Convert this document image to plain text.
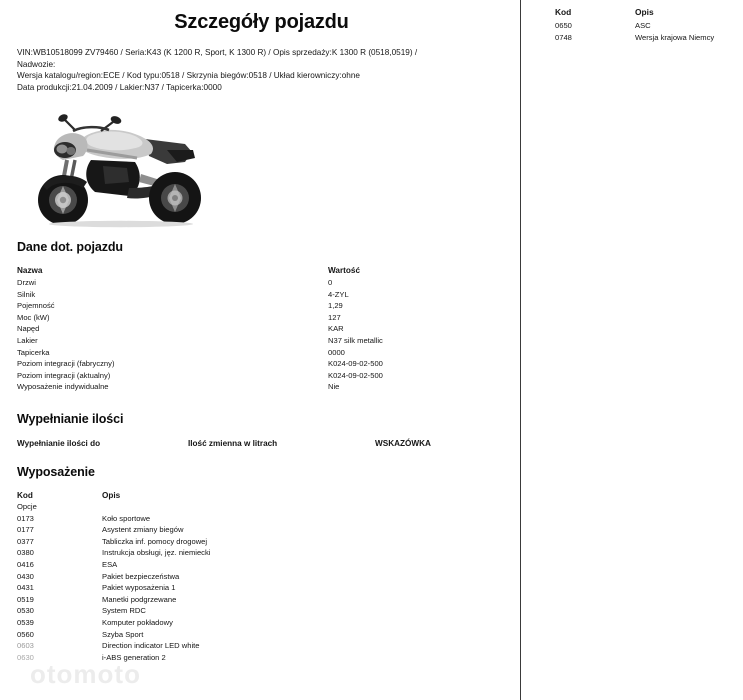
Szczegóły pojazdu
VIN:WB10518099 ZV79460 / Seria:K43 (K 1200 R, Sport, K 1300 R) / Opis sprzedaży:K 1300 R (0518,0519) /
Nadwozie:
Wersja katalogu/region:ECE / Kod typu:0518 / Skrzynia biegów:0518 / Układ kierowniczy:ohne
Data produkcji:21.04.2009 / Lakier:N37 / Tapicerka:0000
Dane dot. pojazdu
Nazwa	Wartość
Drzwi	0
Silnik	4-ZYL
Pojemność	1,29
Moc (kW)	127
Napęd	KAR
Lakier	N37 silk metallic
Tapicerka	0000
Poziom integracji (fabryczny)	K024-09-02-500
Poziom integracji (aktualny)	K024-09-02-500
Wyposażenie indywidualne	Nie
Wypełnianie ilości
Wypełnianie ilości do	Ilość zmienna w litrach	WSKAZÓWKA
Wyposażenie
Kod	Opis
Opcje	
0173	Koło sportowe
0177	Asystent zmiany biegów
0377	Tabliczka inf. pomocy drogowej
0380	Instrukcja obsługi, jęz. niemiecki
0416	ESA
0430	Pakiet bezpieczeństwa
0431	Pakiet wyposażenia 1
0519	Manetki podgrzewane
0530	System RDC
0539	Komputer pokładowy
0560	Szyba Sport
0603	Direction indicator LED white
0630	i-ABS generation 2
otomoto
Kod	Opis
0650	ASC
0748	Wersja krajowa Niemcy
